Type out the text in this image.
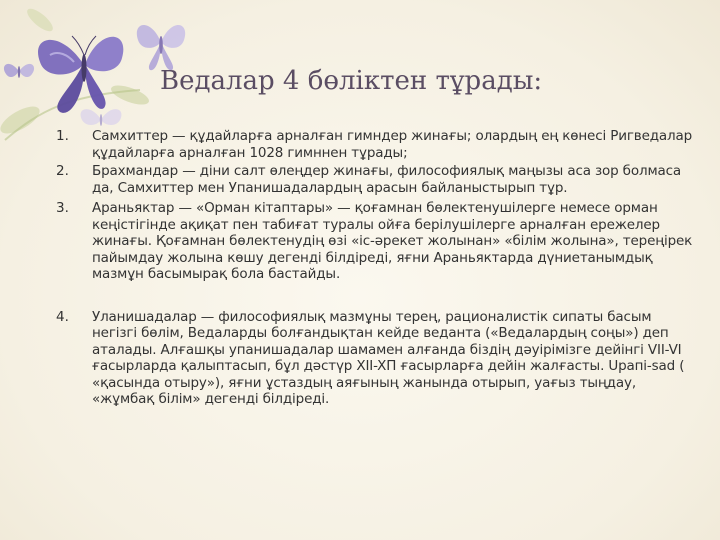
Ведалар 4 бөліктен тұрады:
1.	Самхиттер — құдайларға арналған гимндер жинағы; олардың ең көнесі Ригведалар құдайларға арналған 1028 гимннен тұрады;
2.	Брахмандар — діни салт өлеңдер жинағы, философиялық маңызы аса зор болмаса да, Самхиттер мен Упанишадалардың арасын байланыстырып тұр.
3.	Араньяктар — «Орман кітаптары» — қоғамнан бөлектенушілерге немесе орман кеңістігінде ақиқат пен табиғат туралы ойға берілушілерге арналған ережелер жинағы. Қоғамнан бөлектенудің өзі «іс-әрекет жолынан» «білім жолына», тереңірек пайымдау жолына көшу дегенді білдіреді, яғни Араньяктарда дүниетанымдық мазмұн басымырақ бола бастайды.
4.	Уланишадалар — философиялық мазмұны терең, рационалистік сипаты басым негізгі бөлім, Ведаларды болғандықтан кейде веданта («Ведалардың соңы») деп аталады. Алғашқы упанишадалар шамамен алғанда біздің дәуірімізге дейінгі VII-VI ғасырларда қалыптасып, бұл дәстүр XII-XП ғасырларға дейін жалғасты. Upaпi-sad ( «қасында отыру»), яғни ұстаздың аяғының жанында отырып, уағыз тыңдау, «жұмбақ білім» дегенді білдіреді.
